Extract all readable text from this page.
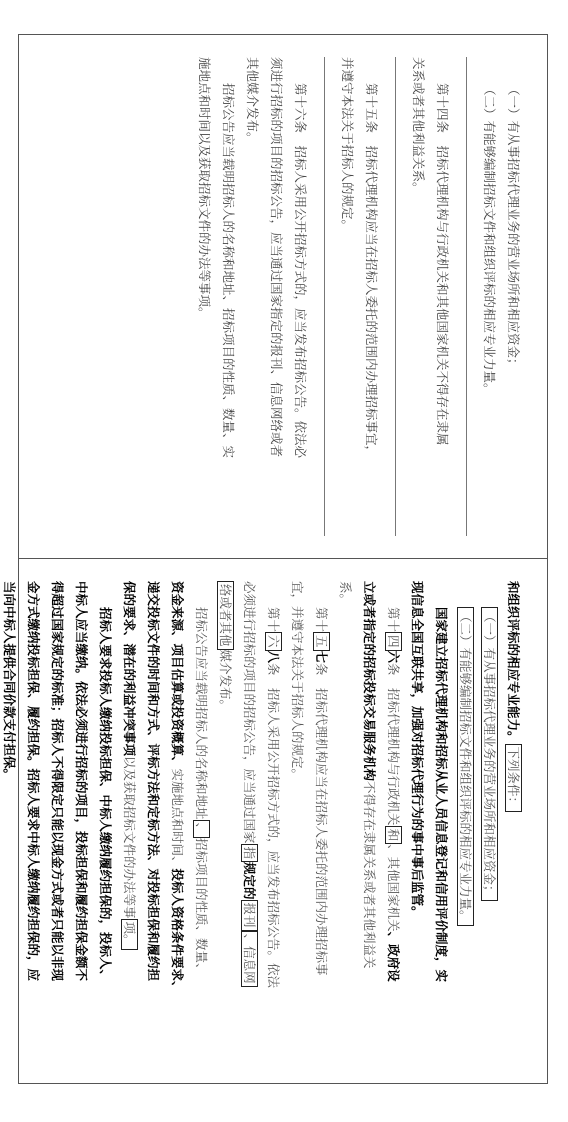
（一）有从事招标代理业务的营业场所和相应资金；
（二）有能够编制招标文件和组织评标的相应专业力量。
第十四条　招标代理机构与行政机关和其他国家机关不得存在隶属
关系或者其他利益关系。
第十五条　招标代理机构应当在招标人委托的范围内办理招标事宜，
并遵守本法关于招标人的规定。
第十六条　招标人采用公开招标方式的，应当发布招标公告。依法必
须进行招标的项目的招标公告，应当通过国家指定的报刊、信息网络或者
其他媒介发布。
招标公告应当载明招标人的名称和地址、招标项目的性质、数量、实
施地点和时间以及获取招标文件的办法等事项。
和组织评标的相应专业能力。下列条件：
（一）有从事招标代理业务的营业场所和相应资金；
（二）有能够编制招标文件和组织评标的相应专业力量。
国家建立招标代理机构和招标从业人员信息登记和信用评价制度，实
现信息全国互联共享，加强对招标代理行为的事中事后监管。
第十四六条　招标代理机构与行政机关和、其他国家机关、政府设
立或者指定的招标投标交易服务机构不得存在隶属关系或者其他利益关
系。
第十五七条　招标代理机构应当在招标人委托的范围内办理招标事
宜，并遵守本法关于招标人的规定。
第十六八条　招标人采用公开招标方式的，应当发布招标公告。依法
必须进行招标的项目的招标公告，应当通过国家指规定的报刊、信息网
络或者其他媒介发布。
招标公告应当载明招标人的名称和地址、招标项目的性质、数量、
资金来源、项目估算或投资概算、实施地点和时间、投标人资格条件要求、
递交投标文件的时间和方式、评标方法和定标方法、对投标担保和履约担
保的要求、潜在的利益冲突事项以及获取招标文件的办法等事项。
招标人要求投标人缴纳投标担保、中标人缴纳履约担保的，投标人、
中标人应当缴纳。依法必须进行招标的项目，投标担保和履约担保金额不
得超过国家规定的标准；招标人不得限定只能以现金方式或者只能以非现
金方式缴纳投标担保、履约担保。招标人要求中标人缴纳履约担保的，应
当向中标人提供合同价款支付担保。
